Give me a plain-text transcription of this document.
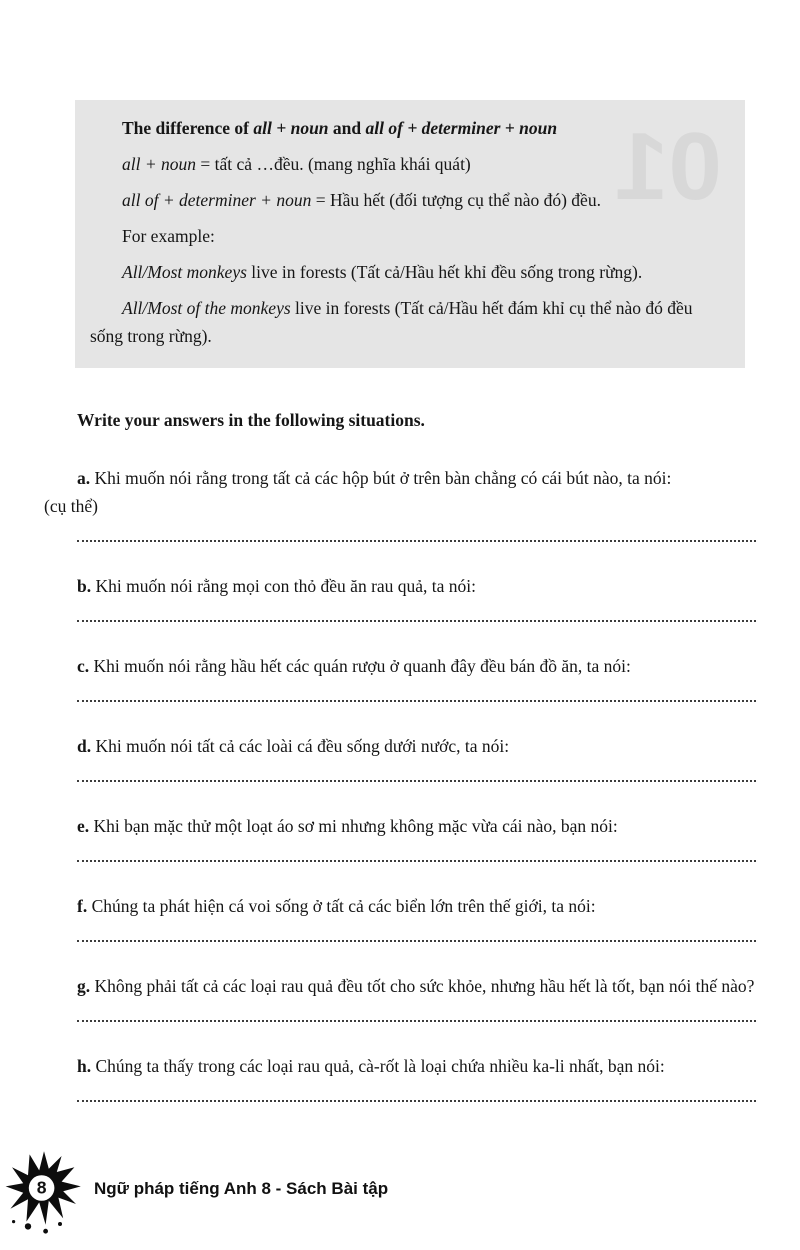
The difference of all + noun and all of + determiner + noun

all + noun = tất cả …đều. (mang nghĩa khái quát)

all of + determiner + noun = Hầu hết (đối tượng cụ thể nào đó) đều.

For example:

All/Most monkeys live in forests (Tất cả/Hầu hết khỉ đều sống trong rừng).

All/Most of the monkeys live in forests (Tất cả/Hầu hết đám khỉ cụ thể nào đó đều sống trong rừng).

Write your answers in the following situations.

a. Khi muốn nói rằng trong tất cả các hộp bút ở trên bàn chẳng có cái bút nào, ta nói:
(cụ thể)

b. Khi muốn nói rằng mọi con thỏ đều ăn rau quả, ta nói:

c. Khi muốn nói rằng hầu hết các quán rượu ở quanh đây đều bán đồ ăn, ta nói:

d. Khi muốn nói tất cả các loài cá đều sống dưới nước, ta nói:

e. Khi bạn mặc thử một loạt áo sơ mi nhưng không mặc vừa cái nào, bạn nói:

f. Chúng ta phát hiện cá voi sống ở tất cả các biển lớn trên thế giới, ta nói:

g. Không phải tất cả các loại rau quả đều tốt cho sức khỏe, nhưng hầu hết là tốt, bạn nói thế nào?

h. Chúng ta thấy trong các loại rau quả, cà-rốt là loại chứa nhiều ka-li nhất, bạn nói:

8	Ngữ pháp tiếng Anh 8 - Sách Bài tập
